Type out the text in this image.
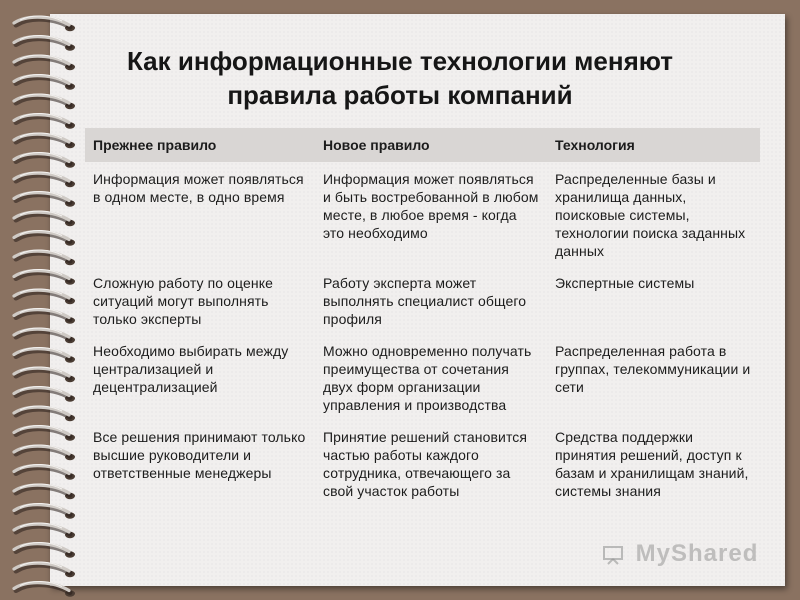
Как информационные технологии меняют
правила работы компаний
Прежнее правило	Новое правило	Технология
Информация может появляться в одном месте, в одно время	Информация может появляться и быть востребованной в любом месте, в любое время - когда это необходимо	Распределенные базы и хранилища данных, поисковые системы, технологии поиска заданных данных
Сложную работу по оценке ситуаций могут выполнять только эксперты	Работу эксперта может выполнять специалист общего профиля	Экспертные системы
Необходимо выбирать между централизацией и децентрализацией	Можно одновременно получать преимущества от сочетания двух форм организации управления и производства	Распределенная работа в группах, телекоммуникации и сети
Все решения принимают только высшие руководители и ответственные менеджеры	Принятие решений становится частью работы каждого сотрудника, отвечающего за свой участок работы	Средства поддержки принятия решений, доступ к базам и хранилищам знаний, системы знания
MyShared
